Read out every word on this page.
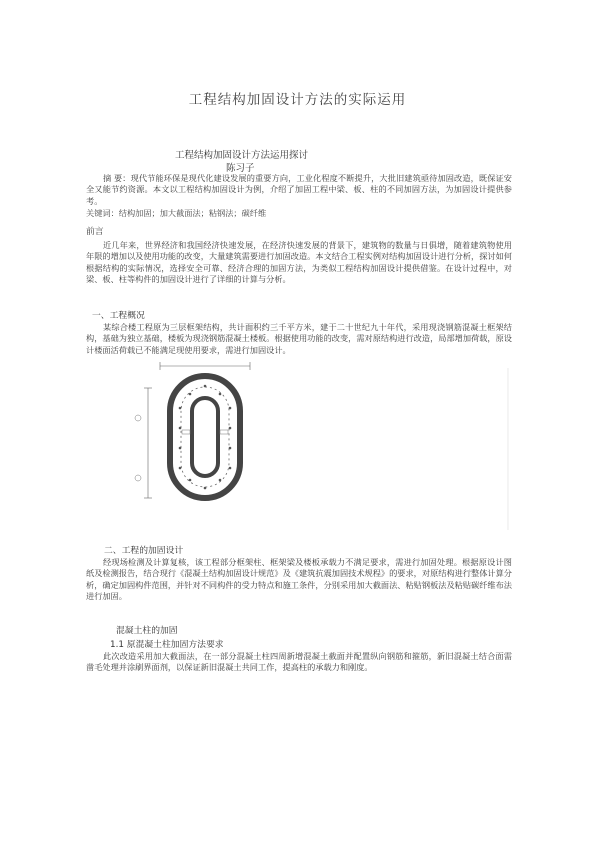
工程结构加固设计方法的实际运用
工程结构加固设计方法运用探讨
陈习子

摘 要：现代节能环保是现代化建设发展的重要方向，工业化程度不断提升，大批旧建筑亟待加固改造，既保证安全又能节约资源。本文以工程结构加固设计为例，介绍了加固工程中梁、板、柱的不同加固方法，为加固设计提供参考。

关键词：结构加固；加大截面法；粘钢法；碳纤维

前言

近几年来，世界经济和我国经济快速发展，在经济快速发展的背景下，建筑物的数量与日俱增，随着建筑物使用年限的增加以及使用功能的改变，大量建筑需要进行加固改造。本文结合工程实例对结构加固设计进行分析，探讨如何根据结构的实际情况，选择安全可靠、经济合理的加固方法，为类似工程结构加固设计提供借鉴。在设计过程中，对梁、板、柱等构件的加固设计进行了详细的计算与分析。

一、工程概况

某综合楼工程原为三层框架结构，共计面积约三千平方米，建于二十世纪九十年代，采用现浇钢筋混凝土框架结构，基础为独立基础，楼板为现浇钢筋混凝土楼板。根据使用功能的改变，需对原结构进行改造，局部增加荷载，原设计楼面活荷载已不能满足现使用要求，需进行加固设计。

二、工程的加固设计

经现场检测及计算复核，该工程部分框架柱、框架梁及楼板承载力不满足要求，需进行加固处理。根据原设计图纸及检测报告，结合现行《混凝土结构加固设计规范》及《建筑抗震加固技术规程》的要求，对原结构进行整体计算分析，确定加固构件范围，并针对不同构件的受力特点和施工条件，分别采用加大截面法、粘贴钢板法及粘贴碳纤维布法进行加固。

混凝土柱的加固
1.1 原混凝土柱加固方法要求

此次改造采用加大截面法，在一部分混凝土柱四周新增混凝土截面并配置纵向钢筋和箍筋，新旧混凝土结合面需凿毛处理并涂刷界面剂，以保证新旧混凝土共同工作，提高柱的承载力和刚度。
